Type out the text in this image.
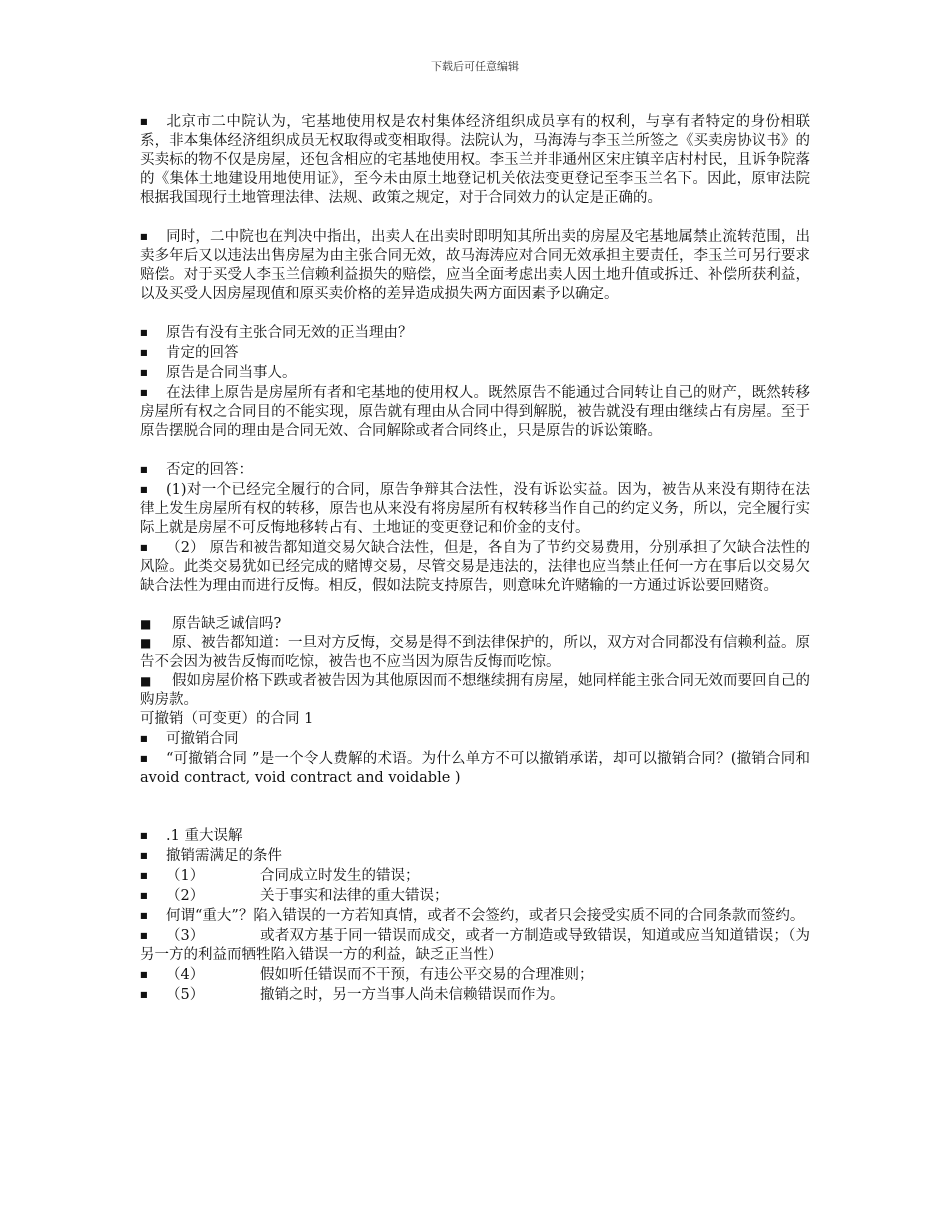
下载后可任意编辑

■ 北京市二中院认为，宅基地使用权是农村集体经济组织成员享有的权利，与享有者特定的身份相联系，非本集体经济组织成员无权取得或变相取得。法院认为，马海涛与李玉兰所签之《买卖房协议书》的买卖标的物不仅是房屋，还包含相应的宅基地使用权。李玉兰并非通州区宋庄镇辛店村村民，且诉争院落的《集体土地建设用地使用证》，至今未由原土地登记机关依法变更登记至李玉兰名下。因此，原审法院根据我国现行土地管理法律、法规、政策之规定，对于合同效力的认定是正确的。

■ 同时，二中院也在判决中指出，出卖人在出卖时即明知其所出卖的房屋及宅基地属禁止流转范围，出卖多年后又以违法出售房屋为由主张合同无效，故马海涛应对合同无效承担主要责任，李玉兰可另行要求赔偿。对于买受人李玉兰信赖利益损失的赔偿，应当全面考虑出卖人因土地升值或拆迁、补偿所获利益，以及买受人因房屋现值和原买卖价格的差异造成损失两方面因素予以确定。

■ 原告有没有主张合同无效的正当理由？

■ 肯定的回答

■ 原告是合同当事人。

■ 在法律上原告是房屋所有者和宅基地的使用权人。既然原告不能通过合同转让自己的财产，既然转移房屋所有权之合同目的不能实现，原告就有理由从合同中得到解脱，被告就没有理由继续占有房屋。至于原告摆脱合同的理由是合同无效、合同解除或者合同终止，只是原告的诉讼策略。

■ 否定的回答：

■ (1)对一个已经完全履行的合同，原告争辩其合法性，没有诉讼实益。因为，被告从来没有期待在法律上发生房屋所有权的转移，原告也从来没有将房屋所有权转移当作自己的约定义务，所以，完全履行实际上就是房屋不可反悔地移转占有、土地证的变更登记和价金的支付。

■ （2） 原告和被告都知道交易欠缺合法性，但是，各自为了节约交易费用，分别承担了欠缺合法性的风险。此类交易犹如已经完成的赌博交易，尽管交易是违法的，法律也应当禁止任何一方在事后以交易欠缺合法性为理由而进行反悔。相反，假如法院支持原告，则意味允许赌输的一方通过诉讼要回赌资。

■ 原告缺乏诚信吗?

■ 原、被告都知道：一旦对方反悔，交易是得不到法律保护的，所以，双方对合同都没有信赖利益。原告不会因为被告反悔而吃惊，被告也不应当因为原告反悔而吃惊。

■ 假如房屋价格下跌或者被告因为其他原因而不想继续拥有房屋，她同样能主张合同无效而要回自己的购房款。

可撤销（可变更）的合同 1

■ 可撤销合同

■ “可撤销合同 ”是一个令人费解的术语。为什么单方不可以撤销承诺，却可以撤销合同？(撤销合同和 avoid contract, void contract and voidable )

■ .1 重大误解

■ 撤销需满足的条件

■ （1）	合同成立时发生的错误；

■ （2）	关于事实和法律的重大错误；

■ 何谓“重大”？陷入错误的一方若知真情，或者不会签约，或者只会接受实质不同的合同条款而签约。

■ （3）	或者双方基于同一错误而成交，或者一方制造或导致错误，知道或应当知道错误；（为另一方的利益而牺牲陷入错误一方的利益，缺乏正当性）

■ （4）	假如听任错误而不干预，有违公平交易的合理准则；

■ （5）	撤销之时，另一方当事人尚未信赖错误而作为。
